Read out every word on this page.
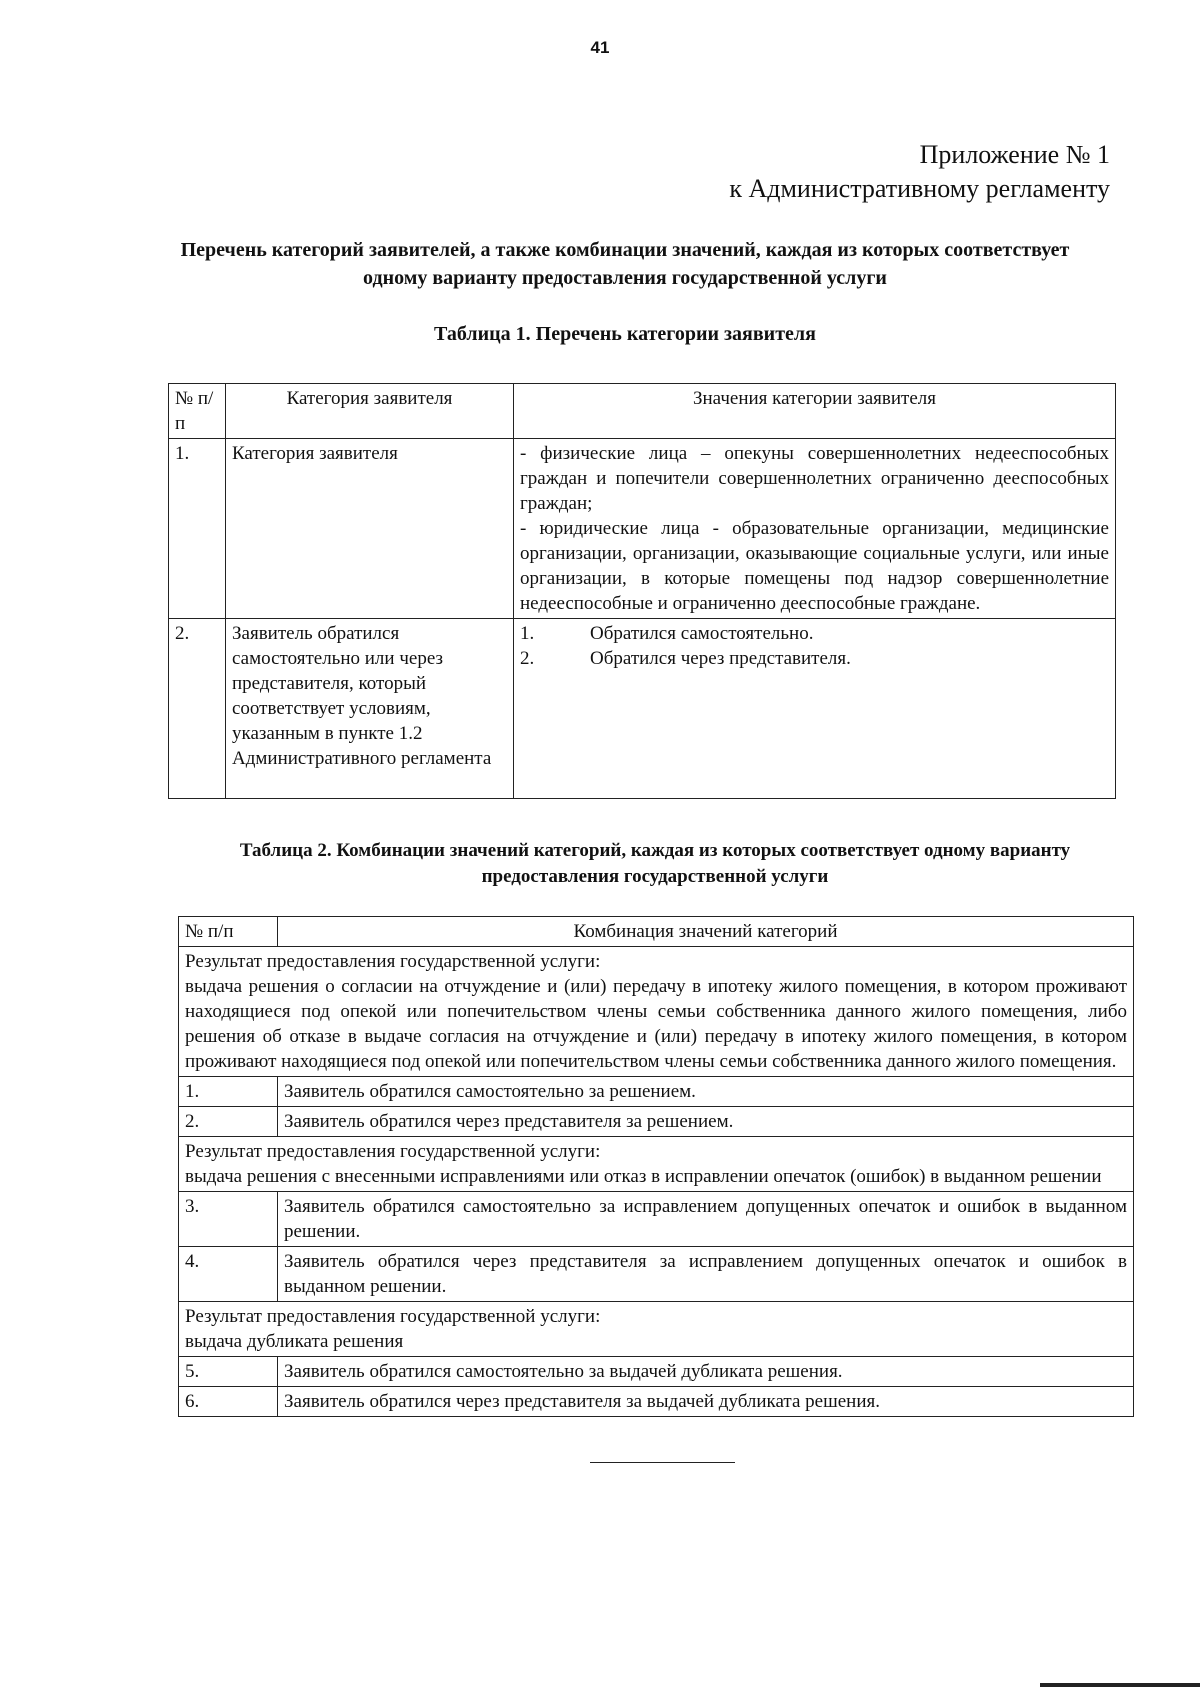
41
Приложение № 1
к Административному регламенту
Перечень категорий заявителей, а также комбинации значений, каждая из которых соответствует одному варианту предоставления государственной услуги
Таблица 1. Перечень категории заявителя
№ п/п	Категория заявителя	Значения категории заявителя
1.	Категория заявителя	- физические лица – опекуны совершеннолетних недееспособных граждан и попечители совершеннолетних ограниченно дееспособных граждан;
- юридические лица - образовательные организации, медицинские организации, организации, оказывающие социальные услуги, или иные организации, в которые помещены под надзор совершеннолетние недееспособные и ограниченно дееспособные граждане.

2.	Заявитель обратился самостоятельно или через представителя, который соответствует условиям, указанным в пункте 1.2 Административного регламента	1. Обратился самостоятельно.
2. Обратился через представителя.
Таблица 2. Комбинации значений категорий, каждая из которых соответствует одному варианту предоставления государственной услуги
№ п/п	Комбинация значений категорий

Результат предоставления государственной услуги:
выдача решения о согласии на отчуждение и (или) передачу в ипотеку жилого помещения, в котором проживают находящиеся под опекой или попечительством члены семьи собственника данного жилого помещения, либо решения об отказе в выдаче согласия на отчуждение и (или) передачу в ипотеку жилого помещения, в котором проживают находящиеся под опекой или попечительством члены семьи собственника данного жилого помещения.	

1.	Заявитель обратился самостоятельно за решением.
2.	Заявитель обратился через представителя за решением.

Результат предоставления государственной услуги:
выдача решения с внесенными исправлениями или отказ в исправлении опечаток (ошибок) в выданном решении	

3.	Заявитель обратился самостоятельно за исправлением допущенных опечаток и ошибок в выданном решении.
4.	Заявитель обратился через представителя за исправлением допущенных опечаток и ошибок в выданном решении.

Результат предоставления государственной услуги:
выдача дубликата решения	

5.	Заявитель обратился самостоятельно за выдачей дубликата решения.
6.	Заявитель обратился через представителя за выдачей дубликата решения.
